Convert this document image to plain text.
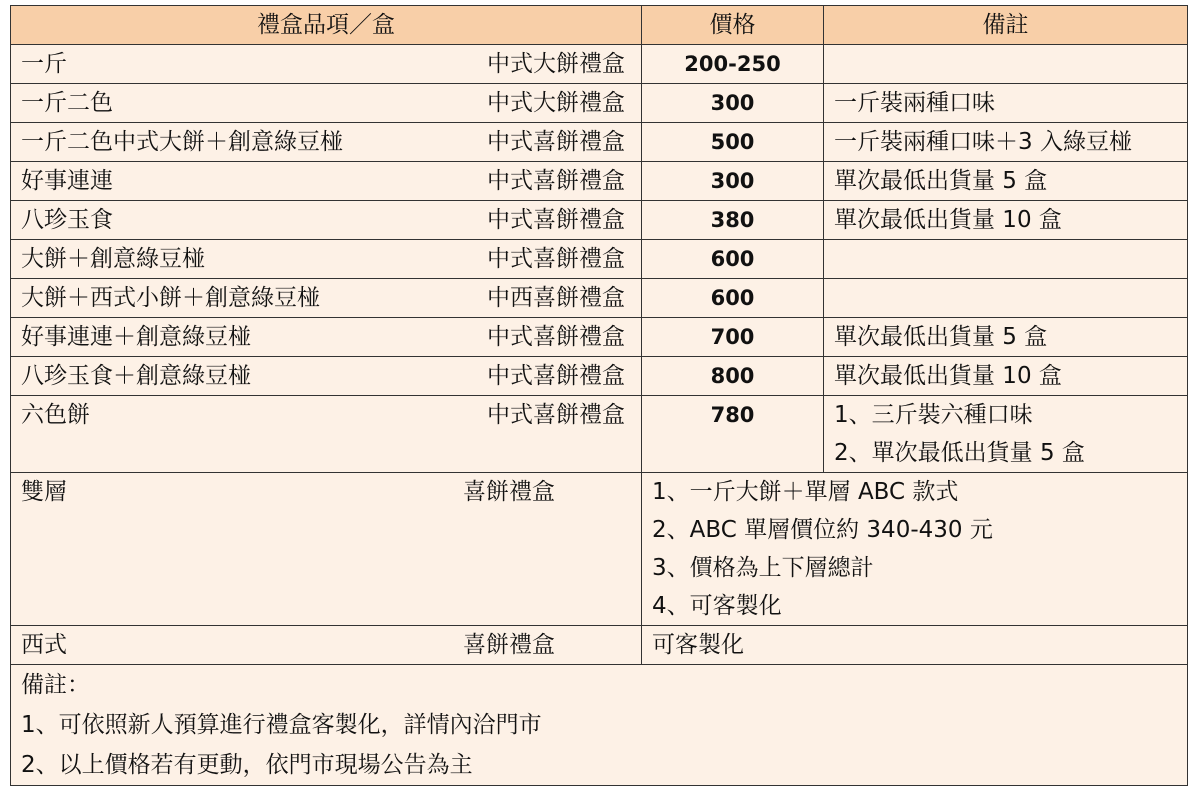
禮盒品項／盒	價格	備註

一斤 中式大餅禮盒	200-250	

一斤二色 中式大餅禮盒	300	一斤裝兩種口味

一斤二色中式大餅＋創意綠豆椪 中式喜餅禮盒	500	一斤裝兩種口味＋3 入綠豆椪

好事連連 中式喜餅禮盒	300	單次最低出貨量 5 盒

八珍玉食 中式喜餅禮盒	380	單次最低出貨量 10 盒

大餅＋創意綠豆椪 中式喜餅禮盒	600	

大餅＋西式小餅＋創意綠豆椪 中西喜餅禮盒	600	

好事連連＋創意綠豆椪 中式喜餅禮盒	700	單次最低出貨量 5 盒

八珍玉食＋創意綠豆椪 中式喜餅禮盒	800	單次最低出貨量 10 盒

六色餅 中式喜餅禮盒	780	1、三斤裝六種口味
2、單次最低出貨量 5 盒

雙層 喜餅禮盒	1、一斤大餅＋單層 ABC 款式
2、ABC 單層價位約 340-430 元
3、價格為上下層總計
4、可客製化	

西式 喜餅禮盒	可客製化	

備註：
1、可依照新人預算進行禮盒客製化，詳情內洽門市
2、以上價格若有更動，依門市現場公告為主		
